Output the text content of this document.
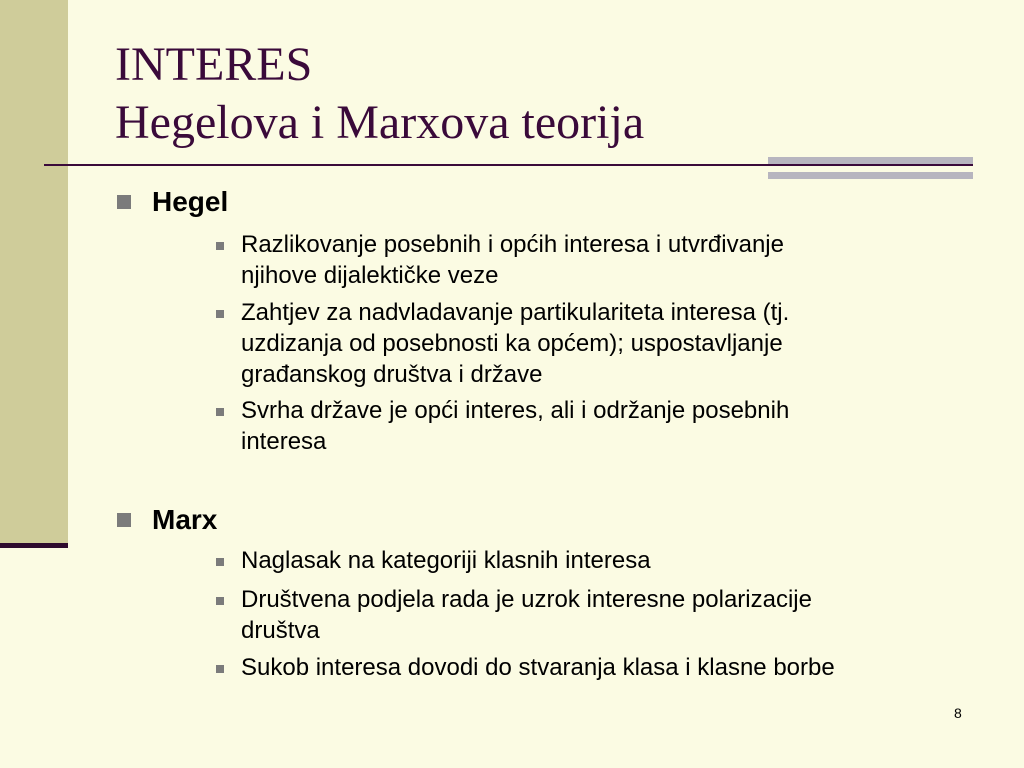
INTERES
Hegelova i Marxova teorija
Hegel
Razlikovanje posebnih i općih interesa i utvrđivanje
njihove dijalektičke veze
Zahtjev za nadvladavanje partikulariteta interesa (tj.
uzdizanja od posebnosti ka općem); uspostavljanje
građanskog društva i države
Svrha države je opći interes, ali i održanje posebnih
interesa
Marx
Naglasak na kategoriji klasnih interesa
Društvena podjela rada je uzrok interesne polarizacije
društva
Sukob interesa dovodi do stvaranja klasa i klasne borbe
8
